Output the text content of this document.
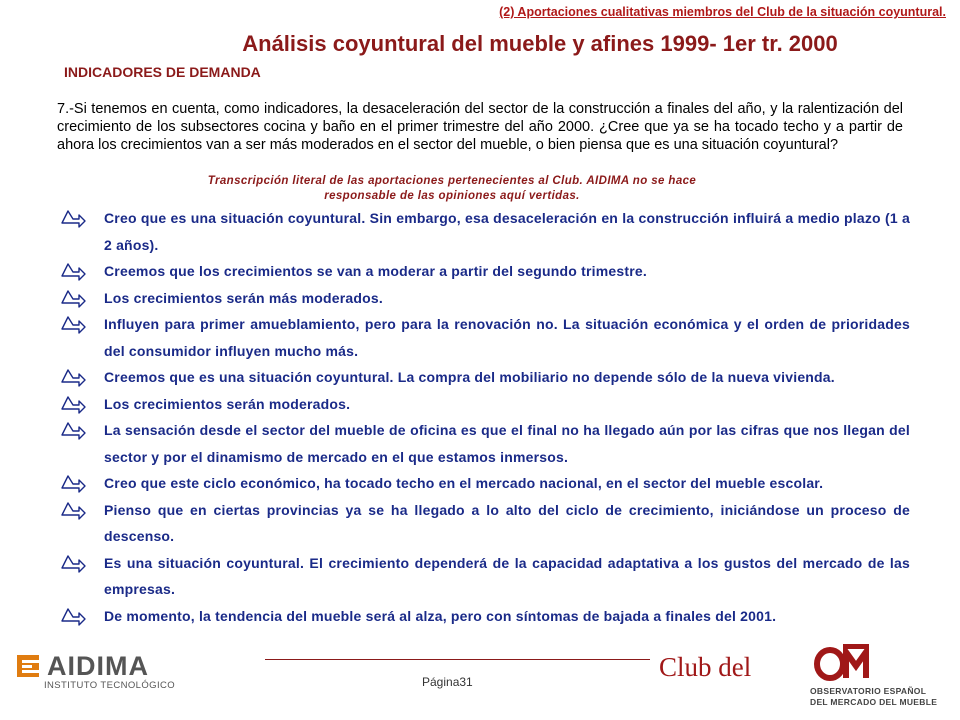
(2) Aportaciones cualitativas miembros del Club de la situación coyuntural.
Análisis coyuntural del mueble y afines 1999- 1er tr. 2000
INDICADORES DE DEMANDA
7.-Si tenemos en cuenta, como indicadores, la desaceleración del sector de la construcción a finales del año, y la ralentización del crecimiento de los subsectores cocina y baño en el primer trimestre del año 2000. ¿Cree que ya se ha tocado techo y a partir de ahora los crecimientos van a ser más moderados en el sector del mueble, o bien piensa que es una situación coyuntural?
Transcripción literal de las aportaciones pertenecientes al Club. AIDIMA no se hace
responsable de las opiniones aquí vertidas.
Creo que es una situación coyuntural. Sin embargo, esa desaceleración en la construcción influirá a medio plazo (1 a 2 años).
Creemos que los crecimientos se van a moderar a partir del segundo trimestre.
Los crecimientos serán más moderados.
Influyen para primer amueblamiento, pero para la renovación no. La situación económica y el orden de prioridades del consumidor influyen mucho más.
Creemos que es una situación coyuntural. La compra del mobiliario no depende sólo de la nueva vivienda.
Los crecimientos serán moderados.
La sensación desde el sector del mueble de oficina es que el final no ha llegado aún por las cifras que nos llegan del sector y por el dinamismo de mercado en el que estamos inmersos.
Creo que este ciclo económico, ha tocado techo en el mercado nacional, en el sector del mueble escolar.
Pienso que en ciertas provincias ya se ha llegado a lo alto del ciclo de crecimiento, iniciándose un proceso de descenso.
Es una situación coyuntural. El crecimiento dependerá de la capacidad adaptativa a los gustos del mercado de las empresas.
De momento, la tendencia del mueble será al alza, pero con síntomas de bajada a finales del 2001.
AIDIMA
INSTITUTO TECNOLÓGICO	Página31	Club del
OBSERVATORIO ESPAÑOL
DEL MERCADO DEL MUEBLE
